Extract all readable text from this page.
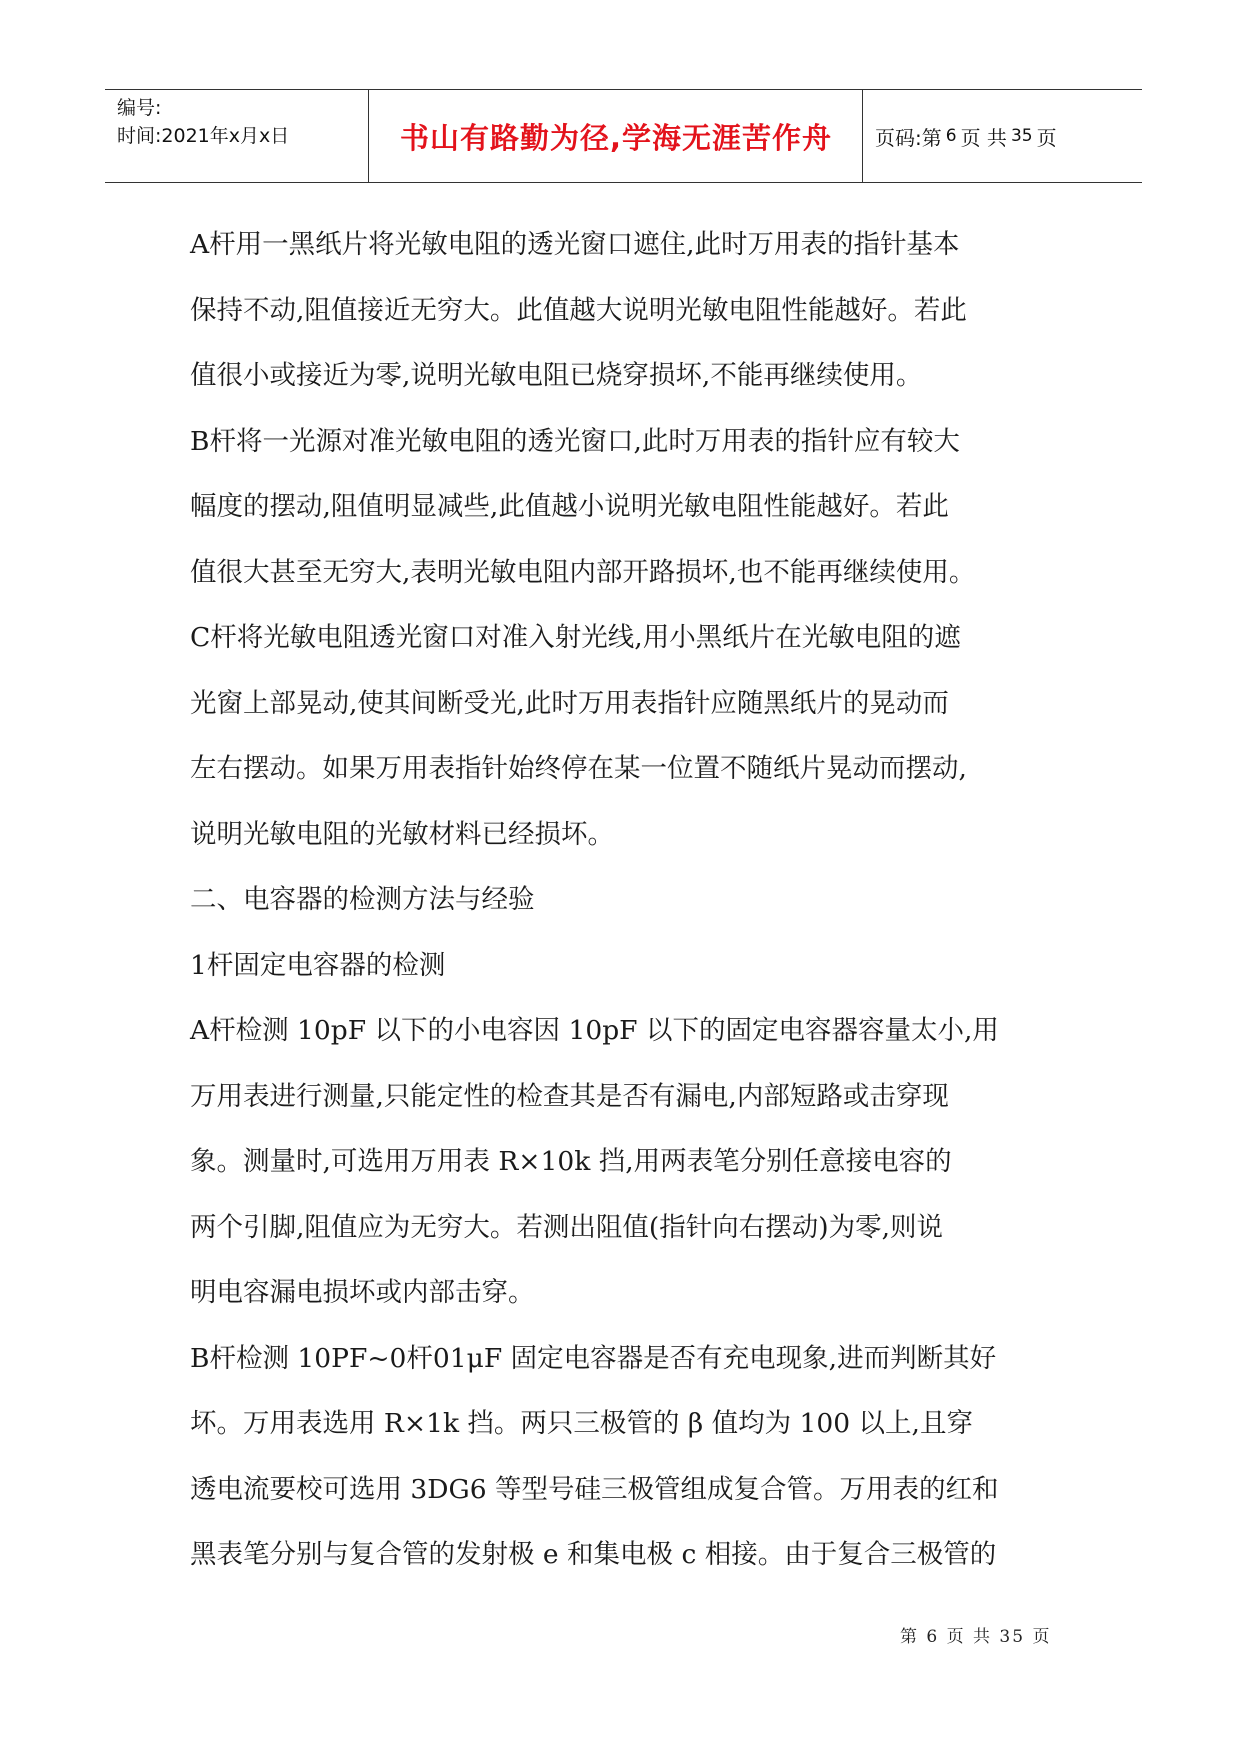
编号:
时间:2021年x月x日	书山有路勤为径,学海无涯苦作舟	页码:第 6 页 共 35 页

A杆用一黑纸片将光敏电阻的透光窗口遮住,此时万用表的指针基本

保持不动,阻值接近无穷大。此值越大说明光敏电阻性能越好。若此

值很小或接近为零,说明光敏电阻已烧穿损坏,不能再继续使用。

B杆将一光源对准光敏电阻的透光窗口,此时万用表的指针应有较大

幅度的摆动,阻值明显减些,此值越小说明光敏电阻性能越好。若此

值很大甚至无穷大,表明光敏电阻内部开路损坏,也不能再继续使用。

C杆将光敏电阻透光窗口对准入射光线,用小黑纸片在光敏电阻的遮

光窗上部晃动,使其间断受光,此时万用表指针应随黑纸片的晃动而

左右摆动。如果万用表指针始终停在某一位置不随纸片晃动而摆动,

说明光敏电阻的光敏材料已经损坏。

二、电容器的检测方法与经验

1杆固定电容器的检测

A杆检测 10pF 以下的小电容因 10pF 以下的固定电容器容量太小,用

万用表进行测量,只能定性的检查其是否有漏电,内部短路或击穿现

象。测量时,可选用万用表 R×10k 挡,用两表笔分别任意接电容的

两个引脚,阻值应为无穷大。若测出阻值(指针向右摆动)为零,则说

明电容漏电损坏或内部击穿。

B杆检测 10PF~0杆01μF 固定电容器是否有充电现象,进而判断其好

坏。万用表选用 R×1k 挡。两只三极管的 β 值均为 100 以上,且穿

透电流要校可选用 3DG6 等型号硅三极管组成复合管。万用表的红和

黑表笔分别与复合管的发射极 e 和集电极 c 相接。由于复合三极管的

第 6 页 共 35 页
